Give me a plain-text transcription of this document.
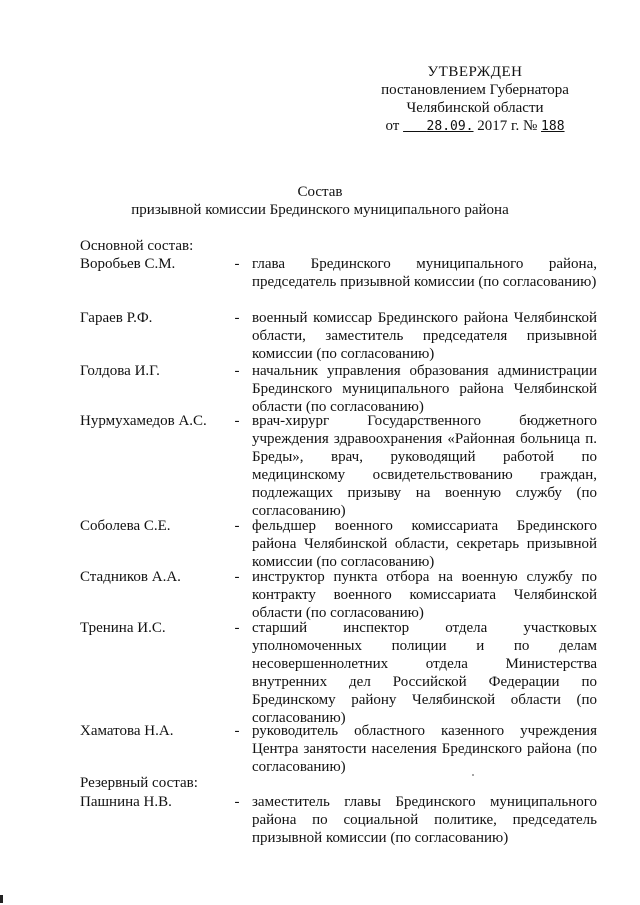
УТВЕРЖДЕН
постановлением Губернатора
Челябинской области
от 28.09. 2017 г. № 188
Состав
призывной комиссии Брединского муниципального района
Основной состав:
Воробьев С.М.	- глава Брединского муниципального района, председатель призывной комиссии (по согласованию)
Гараев Р.Ф.	- военный комиссар Брединского района Челябинской области, заместитель председателя призывной комиссии (по согласованию)
Голдова И.Г.	- начальник управления образования администрации Брединского муниципального района Челябинской области (по согласованию)
Нурмухамедов А.С.	- врач-хирург Государственного бюджетного учреждения здравоохранения «Районная больница п. Бреды», врач, руководящий работой по медицинскому освидетельствованию граждан, подлежащих призыву на военную службу (по согласованию)
Соболева С.Е.	- фельдшер военного комиссариата Брединского района Челябинской области, секретарь призывной комиссии (по согласованию)
Стадников А.А.	- инструктор пункта отбора на военную службу по контракту военного комиссариата Челябинской области (по согласованию)
Тренина И.С.	- старший инспектор отдела участковых уполномоченных полиции и по делам несовершеннолетних отдела Министерства внутренних дел Российской Федерации по Брединскому району Челябинской области (по согласованию)
Хаматова Н.А.	- руководитель областного казенного учреждения Центра занятости населения Брединского района (по согласованию)
Резервный состав:
Пашнина Н.В.	- заместитель главы Брединского муниципального района по социальной политике, председатель призывной комиссии (по согласованию)
